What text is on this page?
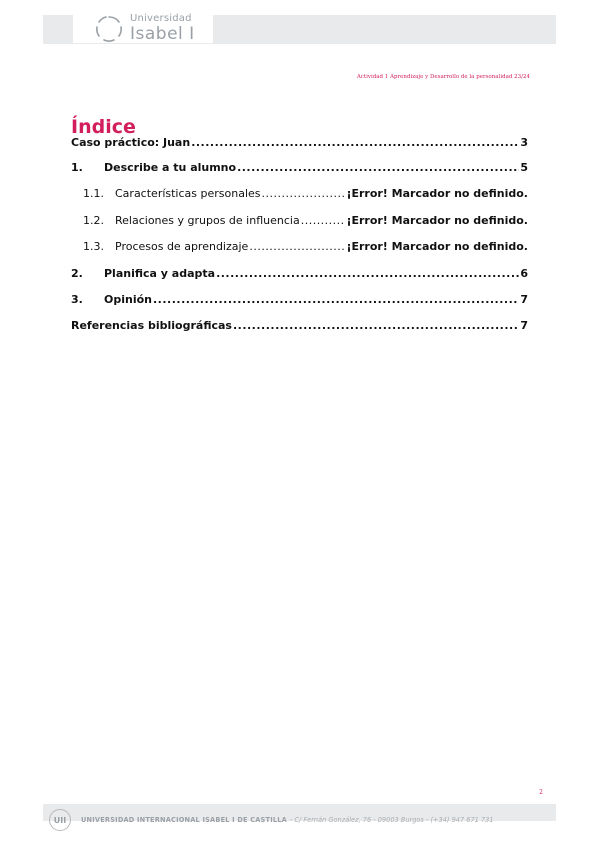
Universidad
Isabel I
Actividad 1 Aprendizaje y Desarrollo de la personalidad 23/24
Índice
Caso práctico: Juan .....	3
1.	Describe a tu alumno .....	5
1.1.	Características personales .....	¡Error! Marcador no definido.
1.2.	Relaciones y grupos de influencia .....	¡Error! Marcador no definido.
1.3.	Procesos de aprendizaje .....	¡Error! Marcador no definido.
2.	Planifica y adapta .....	6
3.	Opinión .....	7
Referencias bibliográficas .....	7
2
UII	UNIVERSIDAD INTERNACIONAL ISABEL I DE CASTILLA - C/ Fernán González, 76 - 09003 Burgos - (+34) 947 671 731
